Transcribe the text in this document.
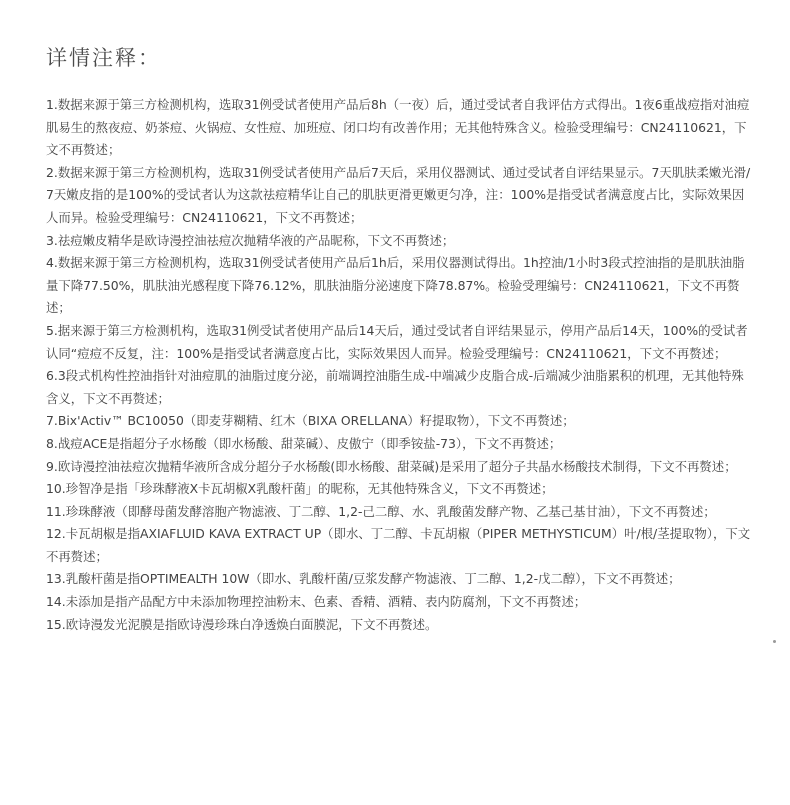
详情注释：
1.数据来源于第三方检测机构，选取31例受试者使用产品后8h（一夜）后，通过受试者自我评估方式得出。1夜6重战痘指对油痘肌易生的熬夜痘、奶茶痘、火锅痘、女性痘、加班痘、闭口均有改善作用；无其他特殊含义。检验受理编号：CN24110621，下文不再赘述；
2.数据来源于第三方检测机构，选取31例受试者使用产品后7天后，采用仪器测试、通过受试者自评结果显示。7天肌肤柔嫩光滑/7天嫩皮指的是100%的受试者认为这款祛痘精华让自己的肌肤更滑更嫩更匀净，注：100%是指受试者满意度占比，实际效果因人而异。检验受理编号：CN24110621，下文不再赘述；
3.祛痘嫩皮精华是欧诗漫控油祛痘次抛精华液的产品昵称，下文不再赘述；
4.数据来源于第三方检测机构，选取31例受试者使用产品后1h后，采用仪器测试得出。1h控油/1小时3段式控油指的是肌肤油脂量下降77.50%，肌肤油光感程度下降76.12%，肌肤油脂分泌速度下降78.87%。检验受理编号：CN24110621，下文不再赘述；
5.据来源于第三方检测机构，选取31例受试者使用产品后14天后，通过受试者自评结果显示，停用产品后14天，100%的受试者认同“痘痘不反复，注：100%是指受试者满意度占比，实际效果因人而异。检验受理编号：CN24110621，下文不再赘述；
6.3段式机构性控油指针对油痘肌的油脂过度分泌，前端调控油脂生成-中端减少皮脂合成-后端减少油脂累积的机理，无其他特殊含义，下文不再赘述；
7.Bix'Activ™ BC10050（即麦芽糊精、红木（BIXA ORELLANA）籽提取物），下文不再赘述；
8.战痘ACE是指超分子水杨酸（即水杨酸、甜菜碱）、皮傲宁（即季铵盐-73），下文不再赘述；
9.欧诗漫控油祛痘次抛精华液所含成分超分子水杨酸(即水杨酸、甜菜碱)是采用了超分子共晶水杨酸技术制得，下文不再赘述；
10.珍智净是指「珍珠酵液X卡瓦胡椒X乳酸杆菌」的昵称，无其他特殊含义，下文不再赘述；
11.珍珠酵液（即酵母菌发酵溶胞产物滤液、丁二醇、1,2-己二醇、水、乳酸菌发酵产物、乙基己基甘油），下文不再赘述；
12.卡瓦胡椒是指AXIAFLUID KAVA EXTRACT UP（即水、丁二醇、卡瓦胡椒（PIPER METHYSTICUM）叶/根/茎提取物），下文不再赘述；
13.乳酸杆菌是指OPTIMEALTH 10W（即水、乳酸杆菌/豆浆发酵产物滤液、丁二醇、1,2-戊二醇），下文不再赘述；
14.未添加是指产品配方中未添加物理控油粉末、色素、香精、酒精、表内防腐剂，下文不再赘述；
15.欧诗漫发光泥膜是指欧诗漫珍珠白净透焕白面膜泥，下文不再赘述。
